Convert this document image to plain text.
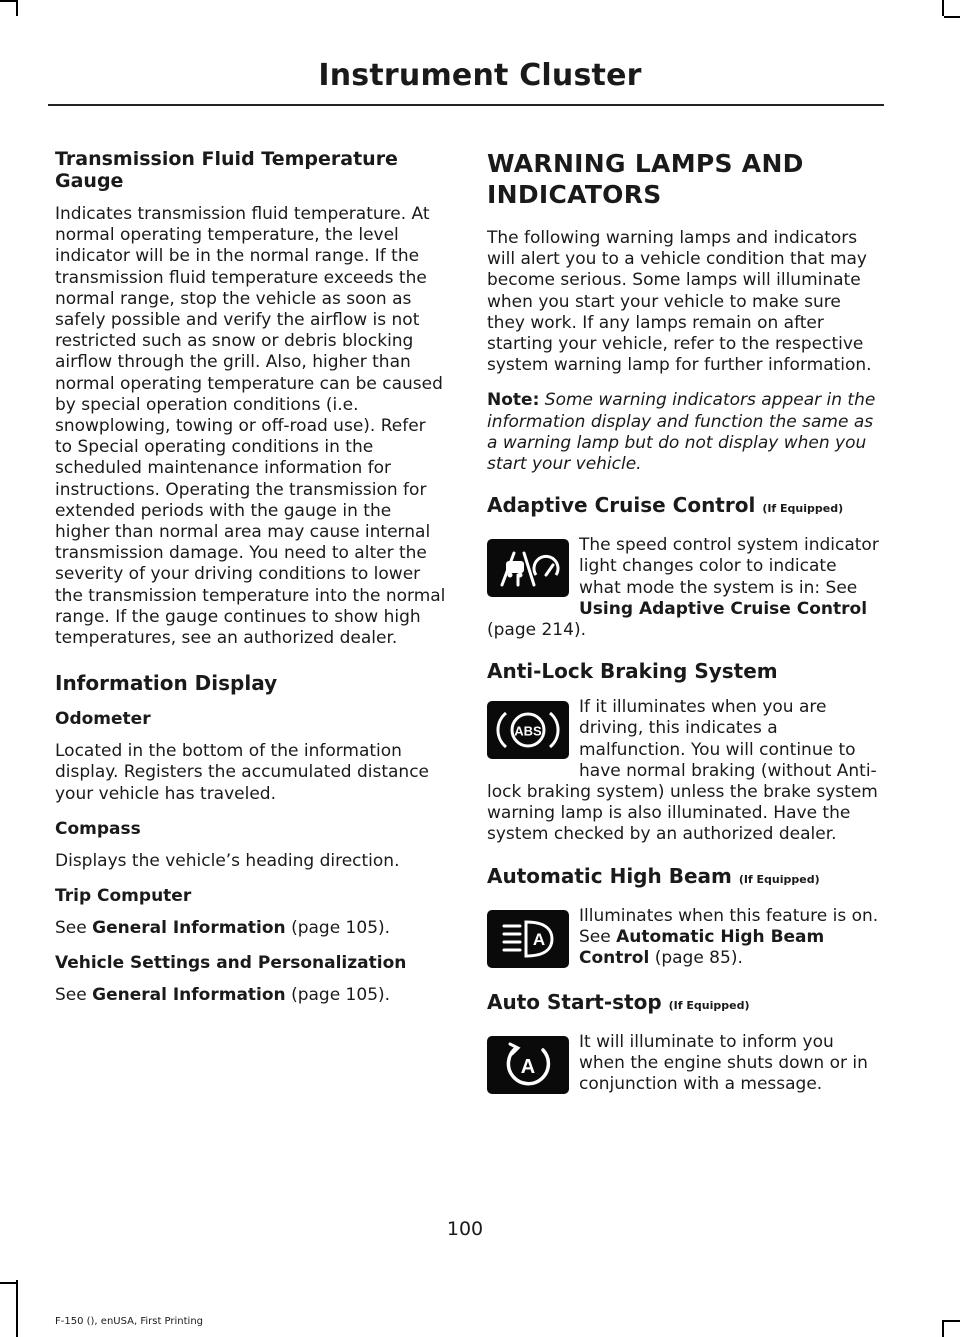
Instrument Cluster
Transmission Fluid Temperature Gauge

Indicates transmission fluid temperature. At normal operating temperature, the level indicator will be in the normal range. If the transmission fluid temperature exceeds the normal range, stop the vehicle as soon as safely possible and verify the airflow is not restricted such as snow or debris blocking airflow through the grill. Also, higher than normal operating temperature can be caused by special operation conditions (i.e. snowplowing, towing or off-road use). Refer to Special operating conditions in the scheduled maintenance information for instructions. Operating the transmission for extended periods with the gauge in the higher than normal area may cause internal transmission damage. You need to alter the severity of your driving conditions to lower the transmission temperature into the normal range. If the gauge continues to show high temperatures, see an authorized dealer.

Information Display
Odometer

Located in the bottom of the information display. Registers the accumulated distance your vehicle has traveled.

Compass

Displays the vehicle’s heading direction.

Trip Computer

See General Information (page 105).

Vehicle Settings and Personalization

See General Information (page 105).

WARNING LAMPS AND
INDICATORS

The following warning lamps and indicators will alert you to a vehicle condition that may become serious. Some lamps will illuminate when you start your vehicle to make sure they work. If any lamps remain on after starting your vehicle, refer to the respective system warning lamp for further information.

Note: Some warning indicators appear in the information display and function the same as a warning lamp but do not display when you start your vehicle.

Adaptive Cruise Control (If Equipped)

The speed control system indicator light changes color to indicate what mode the system is in: See Using Adaptive Cruise Control (page 214).

Anti-Lock Braking System
ABS

If it illuminates when you are driving, this indicates a malfunction. You will continue to have normal braking (without Anti-lock braking system) unless the brake system warning lamp is also illuminated. Have the system checked by an authorized dealer.

Automatic High Beam (If Equipped)
A

Illuminates when this feature is on. See Automatic High Beam Control (page 85).

Auto Start-stop (If Equipped)
A

It will illuminate to inform you when the engine shuts down or in conjunction with a message.

100
F-150 (), enUSA, First Printing
